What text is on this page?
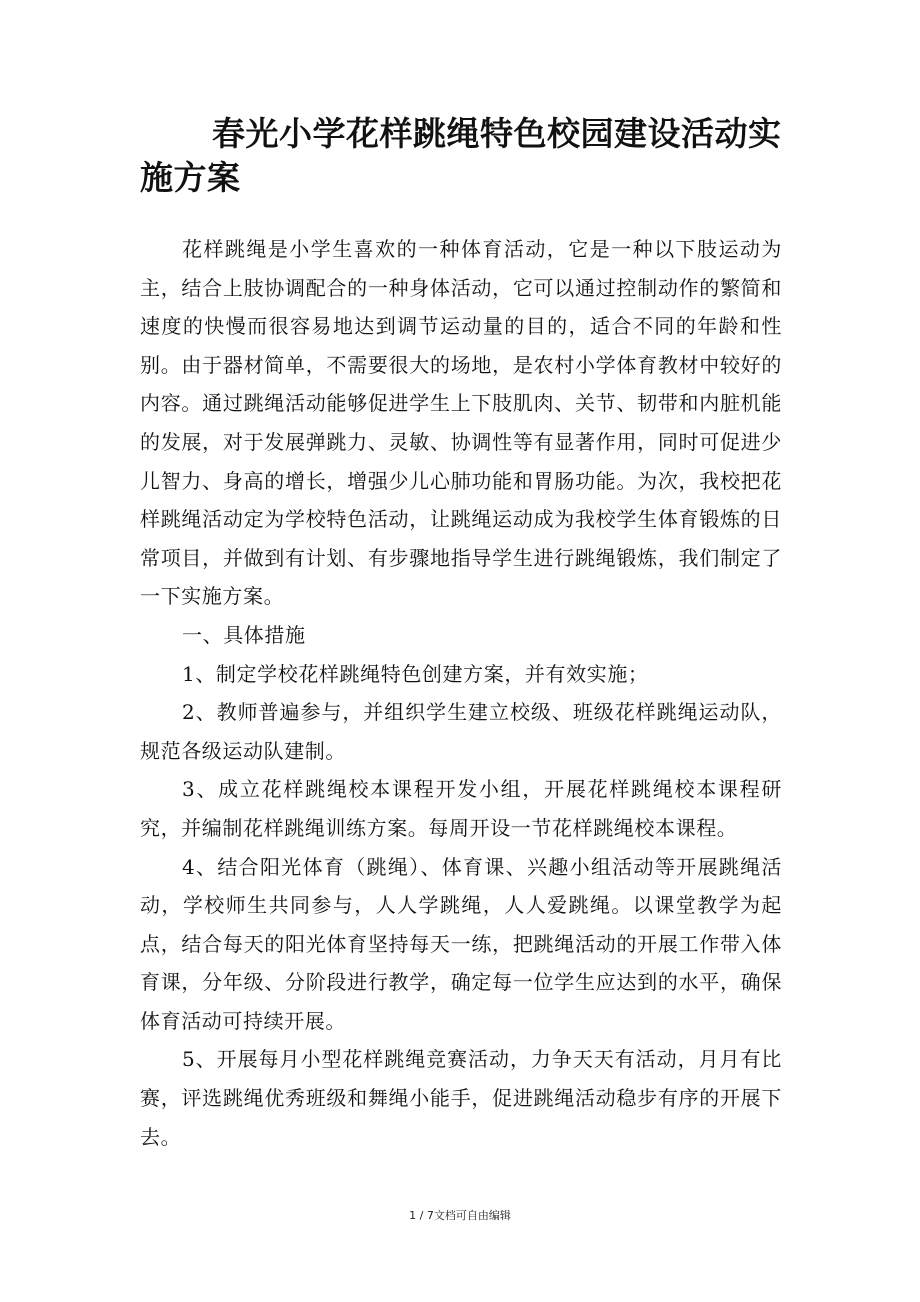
春光小学花样跳绳特色校园建设活动实施方案

花样跳绳是小学生喜欢的一种体育活动，它是一种以下肢运动为主，结合上肢协调配合的一种身体活动，它可以通过控制动作的繁简和速度的快慢而很容易地达到调节运动量的目的，适合不同的年龄和性别。由于器材简单，不需要很大的场地，是农村小学体育教材中较好的内容。通过跳绳活动能够促进学生上下肢肌肉、关节、韧带和内脏机能的发展，对于发展弹跳力、灵敏、协调性等有显著作用，同时可促进少儿智力、身高的增长，增强少儿心肺功能和胃肠功能。为次，我校把花样跳绳活动定为学校特色活动，让跳绳运动成为我校学生体育锻炼的日常项目，并做到有计划、有步骤地指导学生进行跳绳锻炼，我们制定了一下实施方案。

一、具体措施

1、制定学校花样跳绳特色创建方案，并有效实施；

2、教师普遍参与，并组织学生建立校级、班级花样跳绳运动队，规范各级运动队建制。

3、成立花样跳绳校本课程开发小组，开展花样跳绳校本课程研究，并编制花样跳绳训练方案。每周开设一节花样跳绳校本课程。

4、结合阳光体育（跳绳）、体育课、兴趣小组活动等开展跳绳活动，学校师生共同参与，人人学跳绳，人人爱跳绳。以课堂教学为起点，结合每天的阳光体育坚持每天一练，把跳绳活动的开展工作带入体育课，分年级、分阶段进行教学，确定每一位学生应达到的水平，确保体育活动可持续开展。

5、开展每月小型花样跳绳竞赛活动，力争天天有活动，月月有比赛，评选跳绳优秀班级和舞绳小能手，促进跳绳活动稳步有序的开展下去。

1 / 7文档可自由编辑
